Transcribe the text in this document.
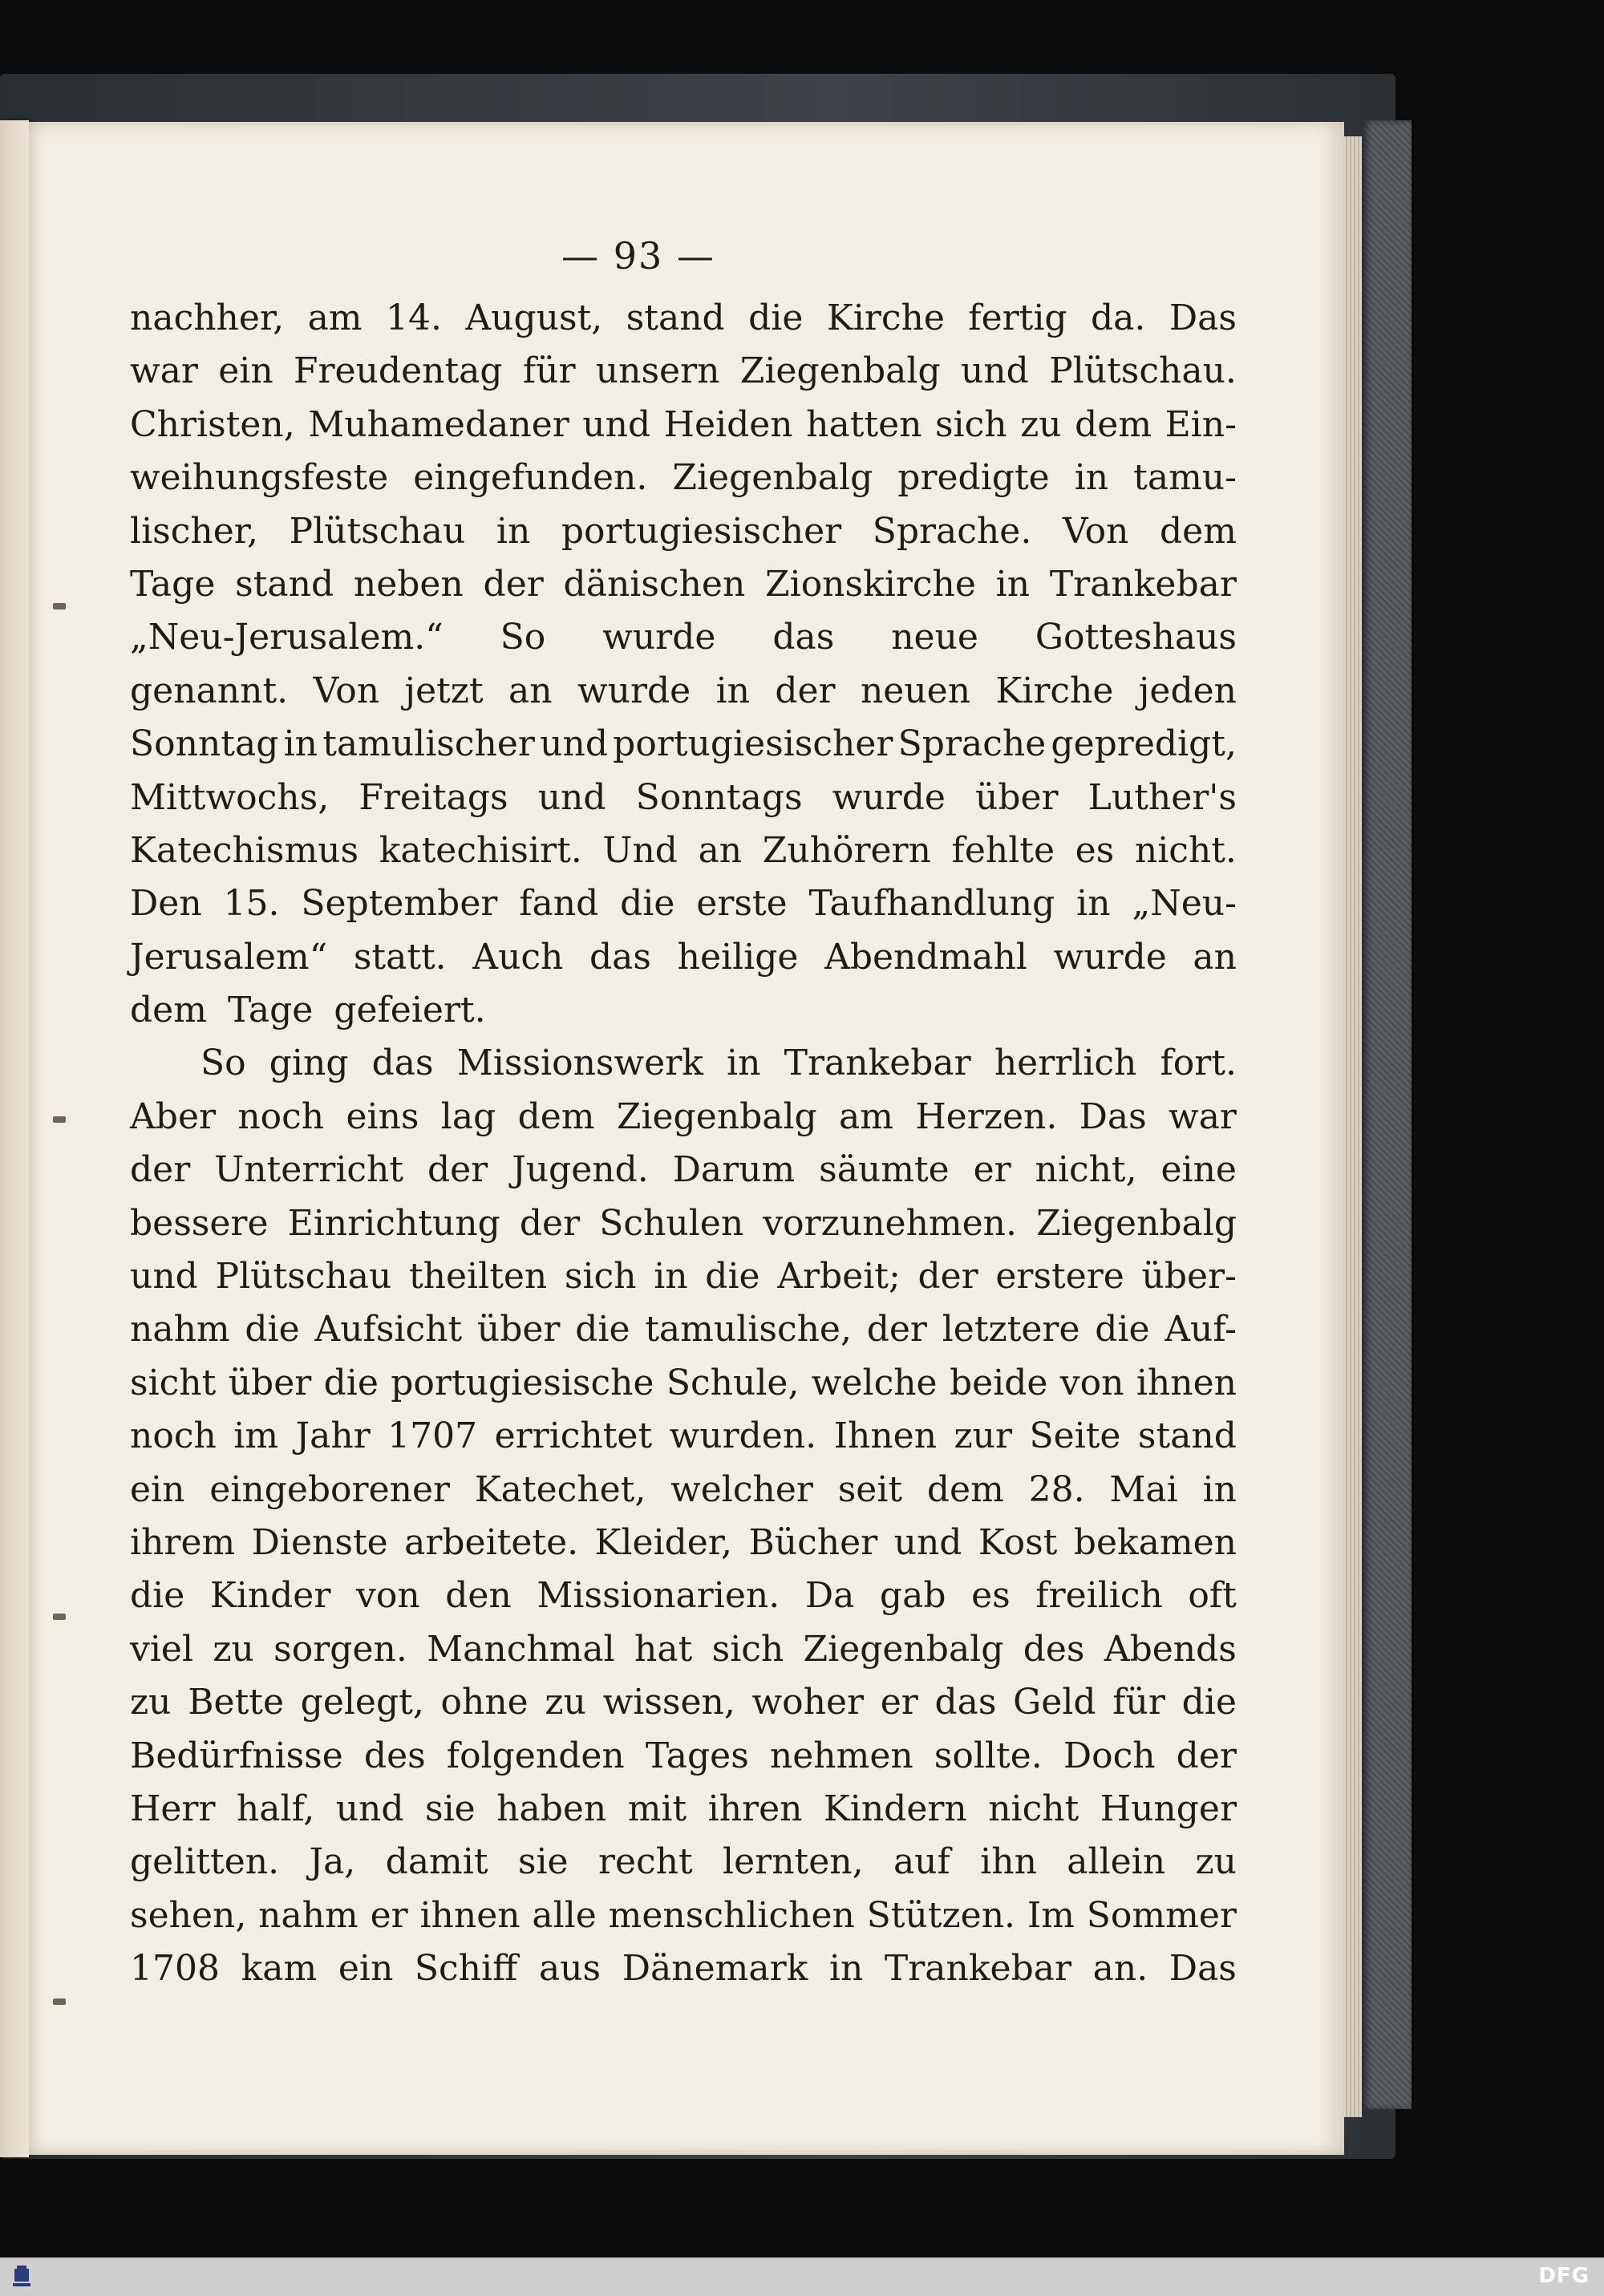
— 93 —
nachher, am 14. August, stand die Kirche fertig da. Das
war ein Freudentag für unsern Ziegenbalg und Plütschau.
Christen, Muhamedaner und Heiden hatten sich zu dem Ein-
weihungsfeste eingefunden. Ziegenbalg predigte in tamu-
lischer, Plütschau in portugiesischer Sprache. Von dem
Tage stand neben der dänischen Zionskirche in Trankebar
„Neu-Jerusalem.“ So wurde das neue Gotteshaus
genannt. Von jetzt an wurde in der neuen Kirche jeden
Sonntag in tamulischer und portugiesischer Sprache gepredigt,
Mittwochs, Freitags und Sonntags wurde über Luther's
Katechismus katechisirt. Und an Zuhörern fehlte es nicht.
Den 15. September fand die erste Taufhandlung in „Neu-
Jerusalem“ statt. Auch das heilige Abendmahl wurde an
dem Tage gefeiert.
So ging das Missionswerk in Trankebar herrlich fort.
Aber noch eins lag dem Ziegenbalg am Herzen. Das war
der Unterricht der Jugend. Darum säumte er nicht, eine
bessere Einrichtung der Schulen vorzunehmen. Ziegenbalg
und Plütschau theilten sich in die Arbeit; der erstere über-
nahm die Aufsicht über die tamulische, der letztere die Auf-
sicht über die portugiesische Schule, welche beide von ihnen
noch im Jahr 1707 errichtet wurden. Ihnen zur Seite stand
ein eingeborener Katechet, welcher seit dem 28. Mai in
ihrem Dienste arbeitete. Kleider, Bücher und Kost bekamen
die Kinder von den Missionarien. Da gab es freilich oft
viel zu sorgen. Manchmal hat sich Ziegenbalg des Abends
zu Bette gelegt, ohne zu wissen, woher er das Geld für die
Bedürfnisse des folgenden Tages nehmen sollte. Doch der
Herr half, und sie haben mit ihren Kindern nicht Hunger
gelitten. Ja, damit sie recht lernten, auf ihn allein zu
sehen, nahm er ihnen alle menschlichen Stützen. Im Sommer
1708 kam ein Schiff aus Dänemark in Trankebar an. Das
DFG
